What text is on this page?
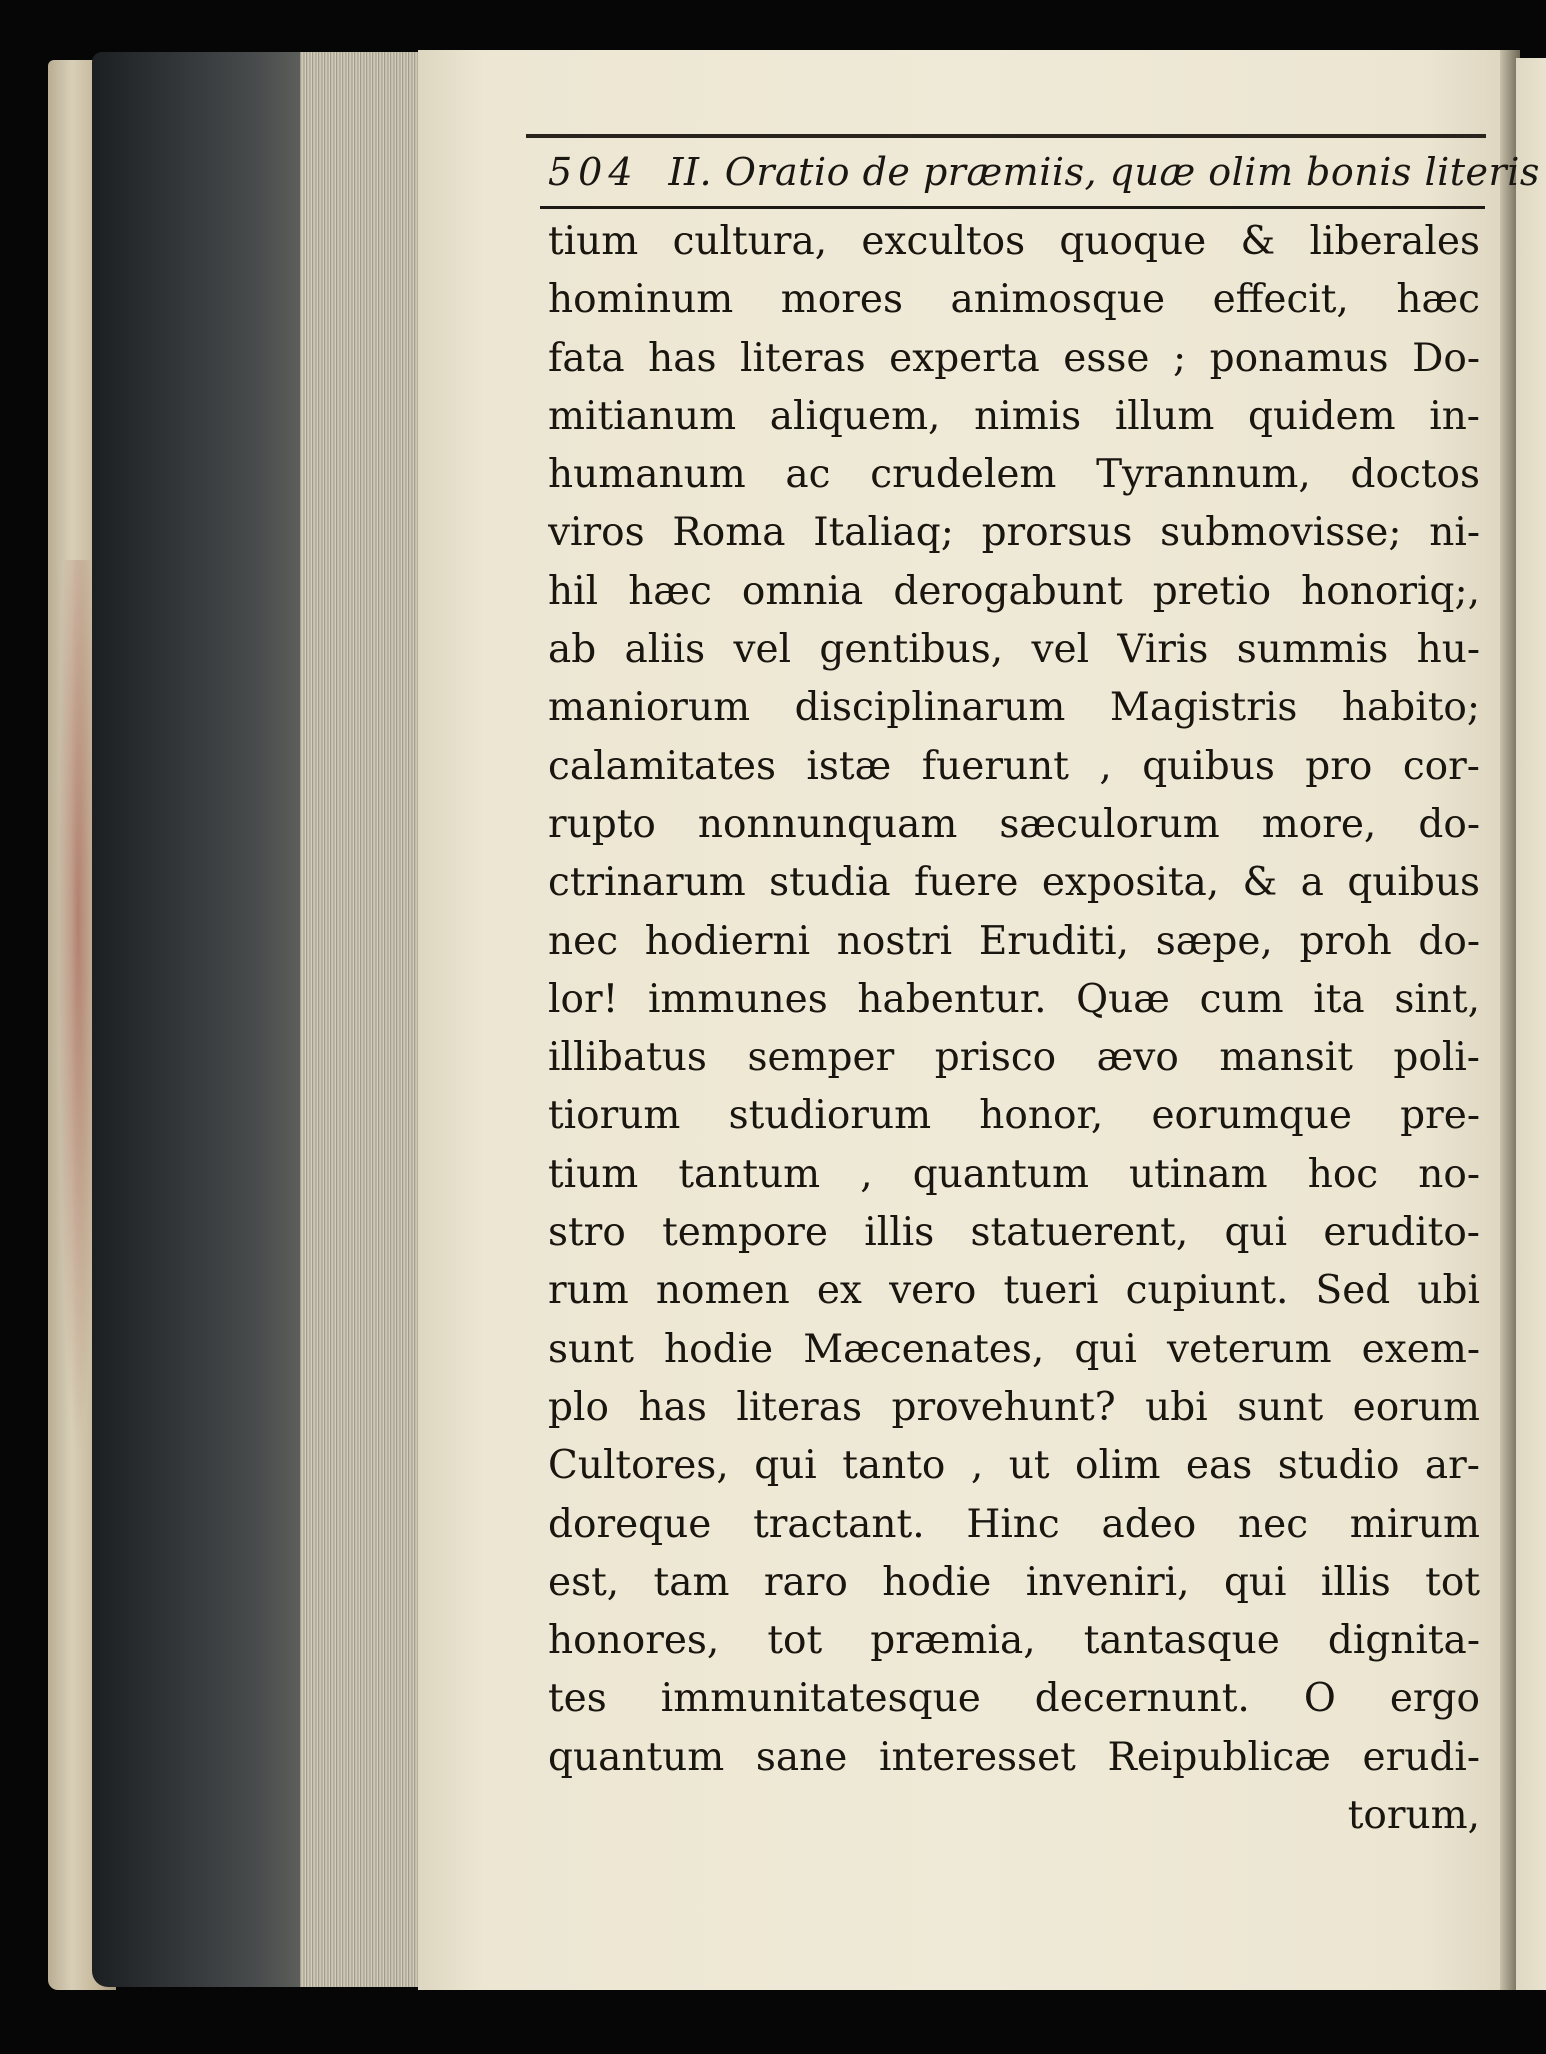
504 II. Oratio de præmiis, quæ olim bonis literis
tium cultura, excultos quoque & liberales
hominum mores animosque effecit, hæc
fata has literas experta esse ; ponamus Do-
mitianum aliquem, nimis illum quidem in-
humanum ac crudelem Tyrannum, doctos
viros Roma Italiaq; prorsus submovisse; ni-
hil hæc omnia derogabunt pretio honoriq;,
ab aliis vel gentibus, vel Viris summis hu-
maniorum disciplinarum Magistris habito;
calamitates istæ fuerunt , quibus pro cor-
rupto nonnunquam sæculorum more, do-
ctrinarum studia fuere exposita, & a quibus
nec hodierni nostri Eruditi, sæpe, proh do-
lor! immunes habentur. Quæ cum ita sint,
illibatus semper prisco ævo mansit poli-
tiorum studiorum honor, eorumque pre-
tium tantum , quantum utinam hoc no-
stro tempore illis statuerent, qui erudito-
rum nomen ex vero tueri cupiunt. Sed ubi
sunt hodie Mæcenates, qui veterum exem-
plo has literas provehunt? ubi sunt eorum
Cultores, qui tanto , ut olim eas studio ar-
doreque tractant. Hinc adeo nec mirum
est, tam raro hodie inveniri, qui illis tot
honores, tot præmia, tantasque dignita-
tes immunitatesque decernunt. O ergo
quantum sane interesset Reipublicæ erudi-
torum,
